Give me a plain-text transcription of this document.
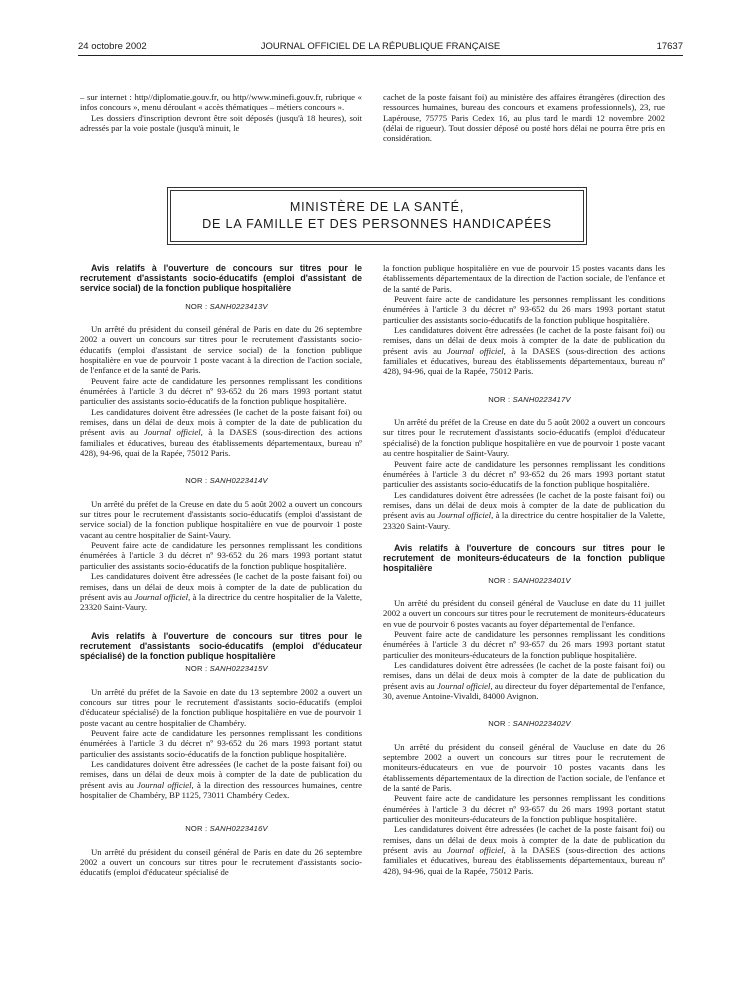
24 octobre 2002	JOURNAL OFFICIEL DE LA RÉPUBLIQUE FRANÇAISE	17637

– sur internet : http//diplomatie.gouv.fr, ou http//www.minefi.gouv.fr, rubrique « infos concours », menu déroulant « accès thématiques – métiers concours ».

Les dossiers d'inscription devront être soit déposés (jusqu'à 18 heures), soit adressés par la voie postale (jusqu'à minuit, le

cachet de la poste faisant foi) au ministère des affaires étrangères (direction des ressources humaines, bureau des concours et examens professionnels), 23, rue Lapérouse, 75775 Paris Cedex 16, au plus tard le mardi 12 novembre 2002 (délai de rigueur). Tout dossier déposé ou posté hors délai ne pourra être pris en considération.

MINISTÈRE DE LA SANTÉ,
DE LA FAMILLE ET DES PERSONNES HANDICAPÉES

Avis relatifs à l'ouverture de concours sur titres pour le recrutement d'assistants socio-éducatifs (emploi d'assistant de service social) de la fonction publique hospitalière

NOR : SANH0223413V

Un arrêté du président du conseil général de Paris en date du 26 septembre 2002 a ouvert un concours sur titres pour le recrutement d'assistants socio-éducatifs (emploi d'assistant de service social) de la fonction publique hospitalière en vue de pourvoir 1 poste vacant à la direction de l'action sociale, de l'enfance et de la santé de Paris.

Peuvent faire acte de candidature les personnes remplissant les conditions énumérées à l'article 3 du décret nº 93-652 du 26 mars 1993 portant statut particulier des assistants socio-éducatifs de la fonction publique hospitalière.

Les candidatures doivent être adressées (le cachet de la poste faisant foi) ou remises, dans un délai de deux mois à compter de la date de publication du présent avis au Journal officiel, à la DASES (sous-direction des actions familiales et éducatives, bureau des établissements départementaux, bureau nº 428), 94-96, quai de la Rapée, 75012 Paris.

NOR : SANH0223414V

Un arrêté du préfet de la Creuse en date du 5 août 2002 a ouvert un concours sur titres pour le recrutement d'assistants socio-éducatifs (emploi d'assistant de service social) de la fonction publique hospitalière en vue de pourvoir 1 poste vacant au centre hospitalier de Saint-Vaury.

Peuvent faire acte de candidature les personnes remplissant les conditions énumérées à l'article 3 du décret nº 93-652 du 26 mars 1993 portant statut particulier des assistants socio-éducatifs de la fonction publique hospitalière.

Les candidatures doivent être adressées (le cachet de la poste faisant foi) ou remises, dans un délai de deux mois à compter de la date de publication du présent avis au Journal officiel, à la directrice du centre hospitalier de la Valette, 23320 Saint-Vaury.

Avis relatifs à l'ouverture de concours sur titres pour le recrutement d'assistants socio-éducatifs (emploi d'éducateur spécialisé) de la fonction publique hospitalière

NOR : SANH0223415V

Un arrêté du préfet de la Savoie en date du 13 septembre 2002 a ouvert un concours sur titres pour le recrutement d'assistants socio-éducatifs (emploi d'éducateur spécialisé) de la fonction publique hospitalière en vue de pourvoir 1 poste vacant au centre hospitalier de Chambéry.

Peuvent faire acte de candidature les personnes remplissant les conditions énumérées à l'article 3 du décret nº 93-652 du 26 mars 1993 portant statut particulier des assistants socio-éducatifs de la fonction publique hospitalière.

Les candidatures doivent être adressées (le cachet de la poste faisant foi) ou remises, dans un délai de deux mois à compter de la date de publication du présent avis au Journal officiel, à la direction des ressources humaines, centre hospitalier de Chambéry, BP 1125, 73011 Chambéry Cedex.

NOR : SANH0223416V

Un arrêté du président du conseil général de Paris en date du 26 septembre 2002 a ouvert un concours sur titres pour le recrutement d'assistants socio-éducatifs (emploi d'éducateur spécialisé de

la fonction publique hospitalière en vue de pourvoir 15 postes vacants dans les établissements départementaux de la direction de l'action sociale, de l'enfance et de la santé de Paris.

Peuvent faire acte de candidature les personnes remplissant les conditions énumérées à l'article 3 du décret nº 93-652 du 26 mars 1993 portant statut particulier des assistants socio-éducatifs de la fonction publique hospitalière.

Les candidatures doivent être adressées (le cachet de la poste faisant foi) ou remises, dans un délai de deux mois à compter de la date de publication du présent avis au Journal officiel, à la DASES (sous-direction des actions familiales et éducatives, bureau des établissements départementaux, bureau nº 428), 94-96, quai de la Rapée, 75012 Paris.

NOR : SANH0223417V

Un arrêté du préfet de la Creuse en date du 5 août 2002 a ouvert un concours sur titres pour le recrutement d'assistants socio-éducatifs (emploi d'éducateur spécialisé) de la fonction publique hospitalière en vue de pourvoir 1 poste vacant au centre hospitalier de Saint-Vaury.

Peuvent faire acte de candidature les personnes remplissant les conditions énumérées à l'article 3 du décret nº 93-652 du 26 mars 1993 portant statut particulier des assistants socio-éducatifs de la fonction publique hospitalière.

Les candidatures doivent être adressées (le cachet de la poste faisant foi) ou remises, dans un délai de deux mois à compter de la date de publication du présent avis au Journal officiel, à la directrice du centre hospitalier de la Valette, 23320 Saint-Vaury.

Avis relatifs à l'ouverture de concours sur titres pour le recrutement de moniteurs-éducateurs de la fonction publique hospitalière

NOR : SANH0223401V

Un arrêté du président du conseil général de Vaucluse en date du 11 juillet 2002 a ouvert un concours sur titres pour le recrutement de moniteurs-éducateurs en vue de pourvoir 6 postes vacants au foyer départemental de l'enfance.

Peuvent faire acte de candidature les personnes remplissant les conditions énumérées à l'article 3 du décret nº 93-657 du 26 mars 1993 portant statut particulier des moniteurs-éducateurs de la fonction publique hospitalière.

Les candidatures doivent être adressées (le cachet de la poste faisant foi) ou remises, dans un délai de deux mois à compter de la date de publication du présent avis au Journal officiel, au directeur du foyer départemental de l'enfance, 30, avenue Antoine-Vivaldi, 84000 Avignon.

NOR : SANH0223402V

Un arrêté du président du conseil général de Vaucluse en date du 26 septembre 2002 a ouvert un concours sur titres pour le recrutement de moniteurs-éducateurs en vue de pourvoir 10 postes vacants dans les établissements départementaux de la direction de l'action sociale, de l'enfance et de la santé de Paris.

Peuvent faire acte de candidature les personnes remplissant les conditions énumérées à l'article 3 du décret nº 93-657 du 26 mars 1993 portant statut particulier des moniteurs-éducateurs de la fonction publique hospitalière.

Les candidatures doivent être adressées (le cachet de la poste faisant foi) ou remises, dans un délai de deux mois à compter de la date de publication du présent avis au Journal officiel, à la DASES (sous-direction des actions familiales et éducatives, bureau des établissements départementaux, bureau nº 428), 94-96, quai de la Rapée, 75012 Paris.
